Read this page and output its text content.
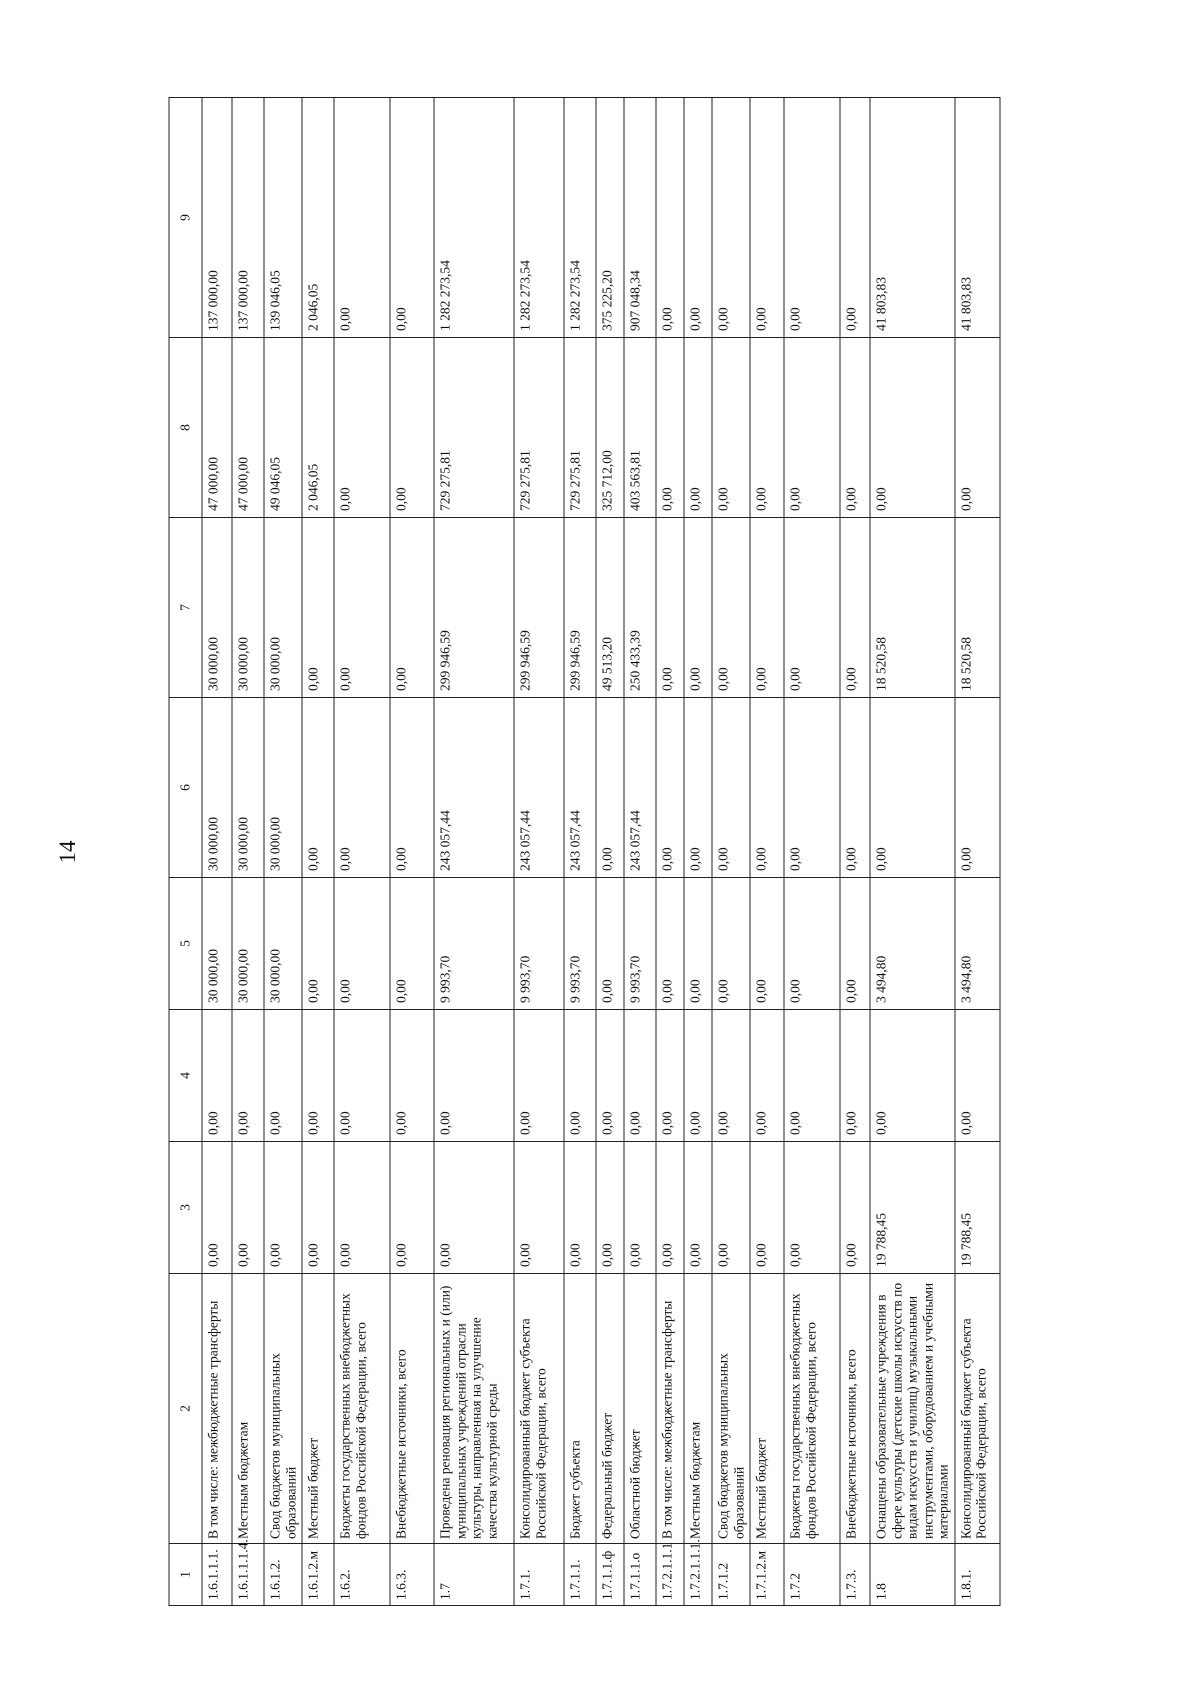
14
1	2	3	4	5	6	7	8	9
1.6.1.1.1.	В том числе: межбюджетные трансферты	0,00	0,00	30 000,00	30 000,00	30 000,00	47 000,00	137 000,00
1.6.1.1.1.4.	Местным бюджетам	0,00	0,00	30 000,00	30 000,00	30 000,00	47 000,00	137 000,00
1.6.1.2.	Свод бюджетов муниципальных образований	0,00	0,00	30 000,00	30 000,00	30 000,00	49 046,05	139 046,05
1.6.1.2.м	Местный бюджет	0,00	0,00	0,00	0,00	0,00	2 046,05	2 046,05
1.6.2.	Бюджеты государственных внебюджетных фондов Российской Федерации, всего	0,00	0,00	0,00	0,00	0,00	0,00	0,00
1.6.3.	Внебюджетные источники, всего	0,00	0,00	0,00	0,00	0,00	0,00	0,00
1.7	Проведена реновация региональных и (или) муниципальных учреждений отрасли культуры, направленная на улучшение качества культурной среды	0,00	0,00	9 993,70	243 057,44	299 946,59	729 275,81	1 282 273,54
1.7.1.	Консолидированный бюджет субъекта Российской Федерации, всего	0,00	0,00	9 993,70	243 057,44	299 946,59	729 275,81	1 282 273,54
1.7.1.1.	Бюджет субъекта	0,00	0,00	9 993,70	243 057,44	299 946,59	729 275,81	1 282 273,54
1.7.1.1.ф	Федеральный бюджет	0,00	0,00	0,00	0,00	49 513,20	325 712,00	375 225,20
1.7.1.1.о	Областной бюджет	0,00	0,00	9 993,70	243 057,44	250 433,39	403 563,81	907 048,34
1.7.2.1.1.1	В том числе: межбюджетные трансферты	0,00	0,00	0,00	0,00	0,00	0,00	0,00
1.7.2.1.1.1.	Местным бюджетам	0,00	0,00	0,00	0,00	0,00	0,00	0,00
1.7.1.2	Свод бюджетов муниципальных образований	0,00	0,00	0,00	0,00	0,00	0,00	0,00
1.7.1.2.м	Местный бюджет	0,00	0,00	0,00	0,00	0,00	0,00	0,00
1.7.2	Бюджеты государственных внебюджетных фондов Российской Федерации, всего	0,00	0,00	0,00	0,00	0,00	0,00	0,00
1.7.3.	Внебюджетные источники, всего	0,00	0,00	0,00	0,00	0,00	0,00	0,00
1.8	Оснащены образовательные учреждения в сфере культуры (детские школы искусств по видам искусств и училищ) музыкальными инструментами, оборудованием и учебными материалами	19 788,45	0,00	3 494,80	0,00	18 520,58	0,00	41 803,83
1.8.1.	Консолидированный бюджет субъекта Российской Федерации, всего	19 788,45	0,00	3 494,80	0,00	18 520,58	0,00	41 803,83
